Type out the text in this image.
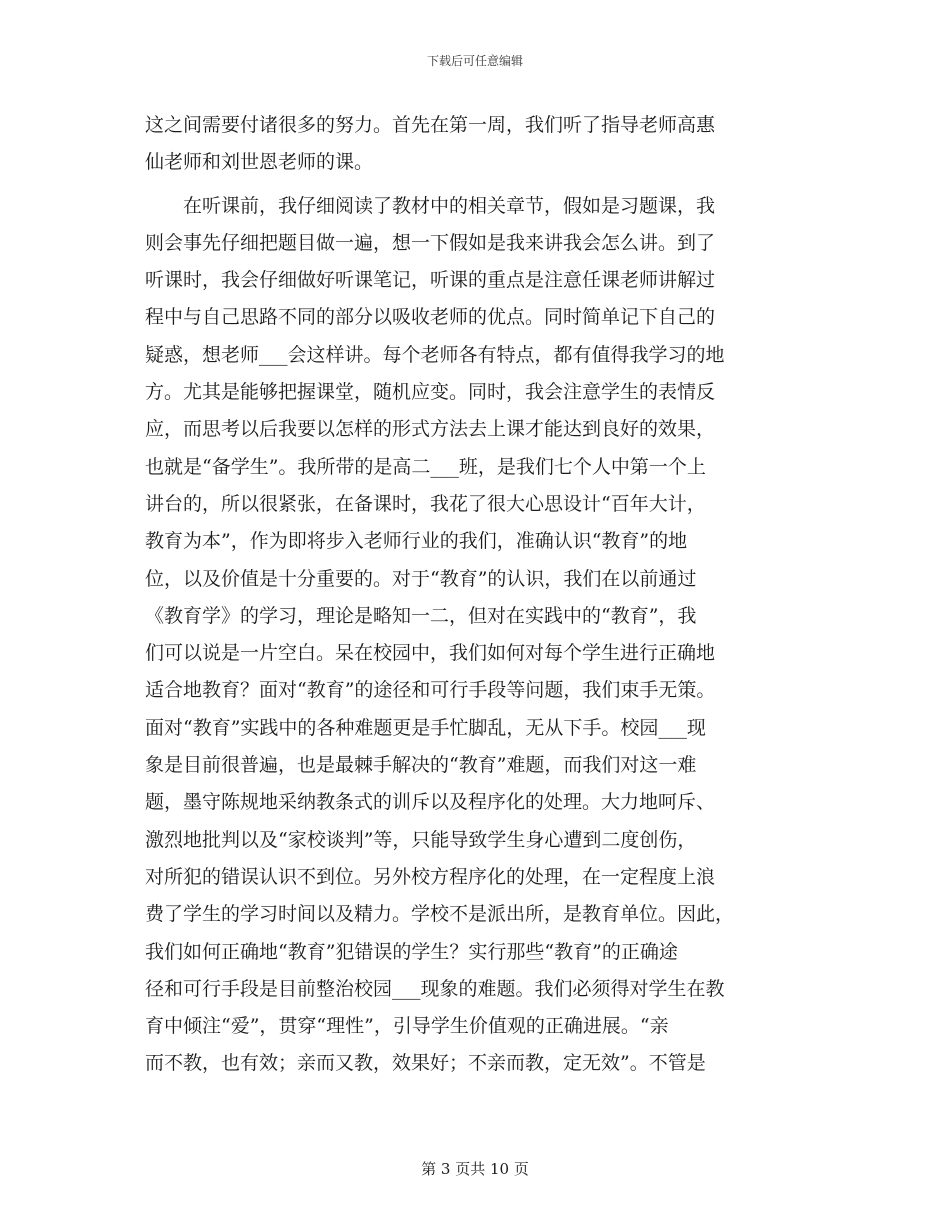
下载后可任意编辑
这之间需要付诸很多的努力。首先在第一周，我们听了指导老师高惠
仙老师和刘世恩老师的课。
　　在听课前，我仔细阅读了教材中的相关章节，假如是习题课，我
则会事先仔细把题目做一遍，想一下假如是我来讲我会怎么讲。到了
听课时，我会仔细做好听课笔记，听课的重点是注意任课老师讲解过
程中与自己思路不同的部分以吸收老师的优点。同时简单记下自己的
疑惑，想老师___会这样讲。每个老师各有特点，都有值得我学习的地
方。尤其是能够把握课堂，随机应变。同时，我会注意学生的表情反
应，而思考以后我要以怎样的形式方法去上课才能达到良好的效果，
也就是“备学生”。我所带的是高二___班，是我们七个人中第一个上
讲台的，所以很紧张，在备课时，我花了很大心思设计“百年大计，
教育为本”，作为即将步入老师行业的我们，准确认识“教育”的地
位，以及价值是十分重要的。对于“教育”的认识，我们在以前通过
《教育学》的学习，理论是略知一二，但对在实践中的“教育”，我
们可以说是一片空白。呆在校园中，我们如何对每个学生进行正确地
适合地教育？面对“教育”的途径和可行手段等问题，我们束手无策。
面对“教育”实践中的各种难题更是手忙脚乱，无从下手。校园___现
象是目前很普遍，也是最棘手解决的“教育”难题，而我们对这一难
题，墨守陈规地采纳教条式的训斥以及程序化的处理。大力地呵斥、
激烈地批判以及“家校谈判”等，只能导致学生身心遭到二度创伤，
对所犯的错误认识不到位。另外校方程序化的处理，在一定程度上浪
费了学生的学习时间以及精力。学校不是派出所，是教育单位。因此，
我们如何正确地“教育”犯错误的学生？实行那些“教育”的正确途
径和可行手段是目前整治校园___现象的难题。我们必须得对学生在教
育中倾注“爱”，贯穿“理性”，引导学生价值观的正确进展。“亲
而不教，也有效；亲而又教，效果好；不亲而教，定无效”。不管是
第 3 页共 10 页
